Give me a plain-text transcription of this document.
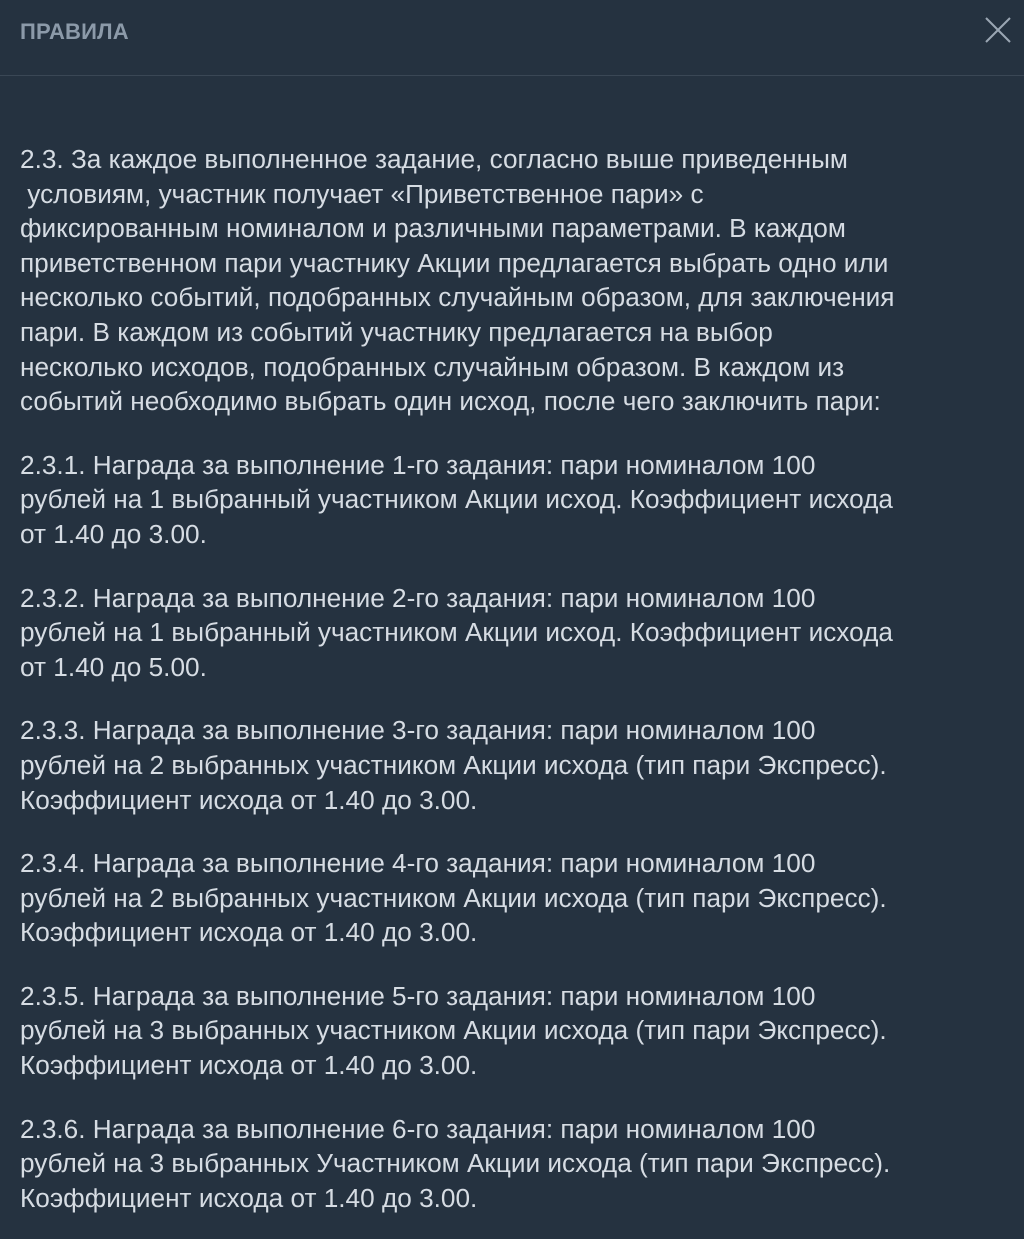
ПРАВИЛА
2.3. За каждое выполненное задание, согласно выше приведенным
условиям, участник получает «Приветственное пари» с
фиксированным номиналом и различными параметрами. В каждом
приветственном пари участнику Акции предлагается выбрать одно или
несколько событий, подобранных случайным образом, для заключения
пари. В каждом из событий участнику предлагается на выбор
несколько исходов, подобранных случайным образом. В каждом из
событий необходимо выбрать один исход, после чего заключить пари:
2.3.1. Награда за выполнение 1-го задания: пари номиналом 100
рублей на 1 выбранный участником Акции исход. Коэффициент исхода
от 1.40 до 3.00.
2.3.2. Награда за выполнение 2-го задания: пари номиналом 100
рублей на 1 выбранный участником Акции исход. Коэффициент исхода
от 1.40 до 5.00.
2.3.3. Награда за выполнение 3-го задания: пари номиналом 100
рублей на 2 выбранных участником Акции исхода (тип пари Экспресс).
Коэффициент исхода от 1.40 до 3.00.
2.3.4. Награда за выполнение 4-го задания: пари номиналом 100
рублей на 2 выбранных участником Акции исхода (тип пари Экспресс).
Коэффициент исхода от 1.40 до 3.00.
2.3.5. Награда за выполнение 5-го задания: пари номиналом 100
рублей на 3 выбранных участником Акции исхода (тип пари Экспресс).
Коэффициент исхода от 1.40 до 3.00.
2.3.6. Награда за выполнение 6-го задания: пари номиналом 100
рублей на 3 выбранных Участником Акции исхода (тип пари Экспресс).
Коэффициент исхода от 1.40 до 3.00.
